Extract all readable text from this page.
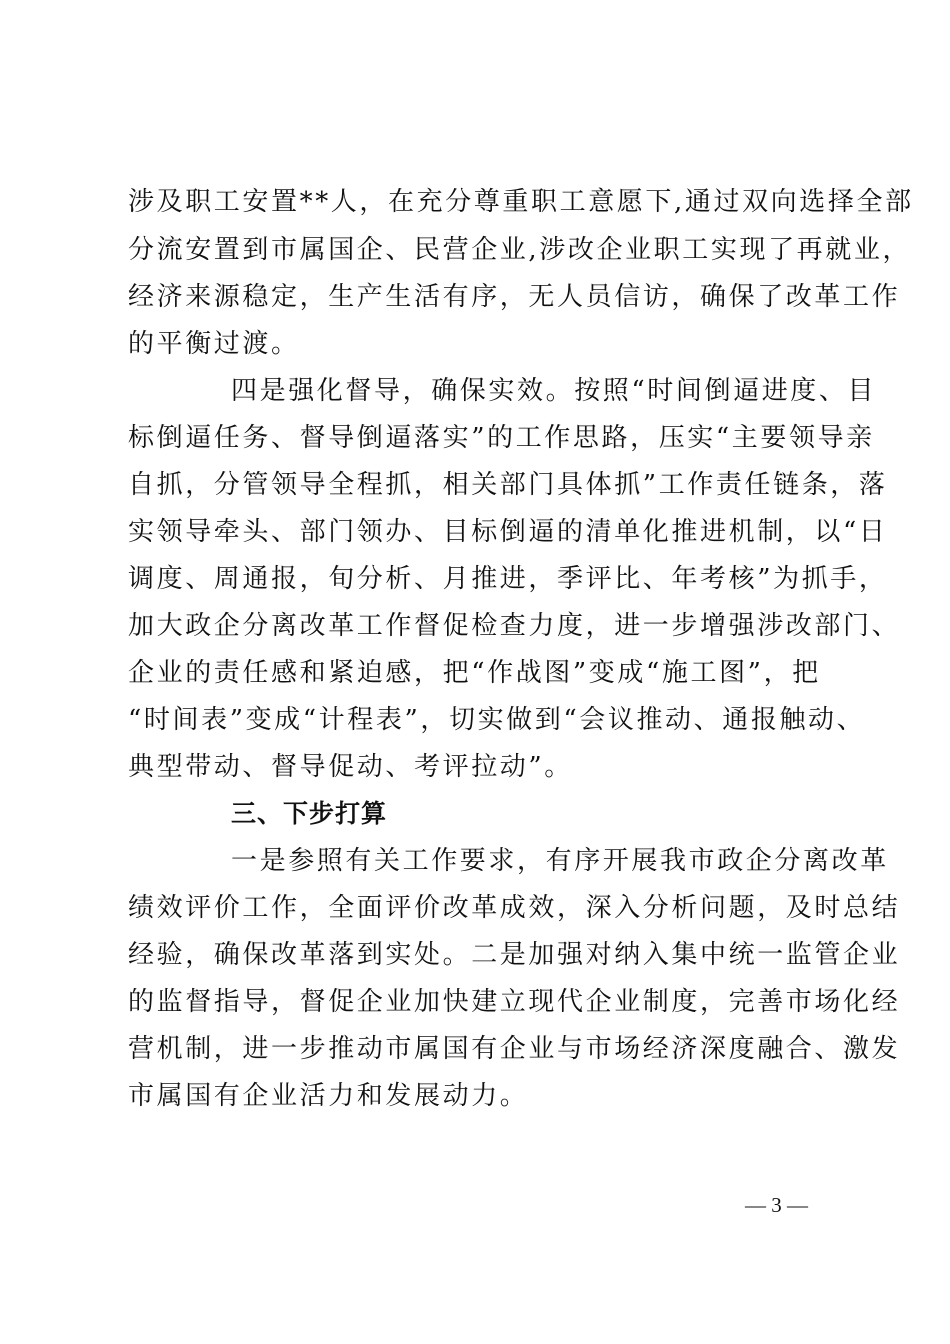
涉及职工安置**人，在充分尊重职工意愿下,通过双向选择全部
分流安置到市属国企、民营企业,涉改企业职工实现了再就业，
经济来源稳定，生产生活有序，无人员信访，确保了改革工作
的平衡过渡。
四是强化督导，确保实效。按照“时间倒逼进度、目
标倒逼任务、督导倒逼落实”的工作思路，压实“主要领导亲
自抓，分管领导全程抓，相关部门具体抓”工作责任链条，落
实领导牵头、部门领办、目标倒逼的清单化推进机制，以“日
调度、周通报，旬分析、月推进，季评比、年考核”为抓手，
加大政企分离改革工作督促检查力度，进一步增强涉改部门、
企业的责任感和紧迫感，把“作战图”变成“施工图”，把
“时间表”变成“计程表”，切实做到“会议推动、通报触动、
典型带动、督导促动、考评拉动”。
三、下步打算
一是参照有关工作要求，有序开展我市政企分离改革
绩效评价工作，全面评价改革成效，深入分析问题，及时总结
经验，确保改革落到实处。二是加强对纳入集中统一监管企业
的监督指导，督促企业加快建立现代企业制度，完善市场化经
营机制，进一步推动市属国有企业与市场经济深度融合、激发
市属国有企业活力和发展动力。
— 3 —
